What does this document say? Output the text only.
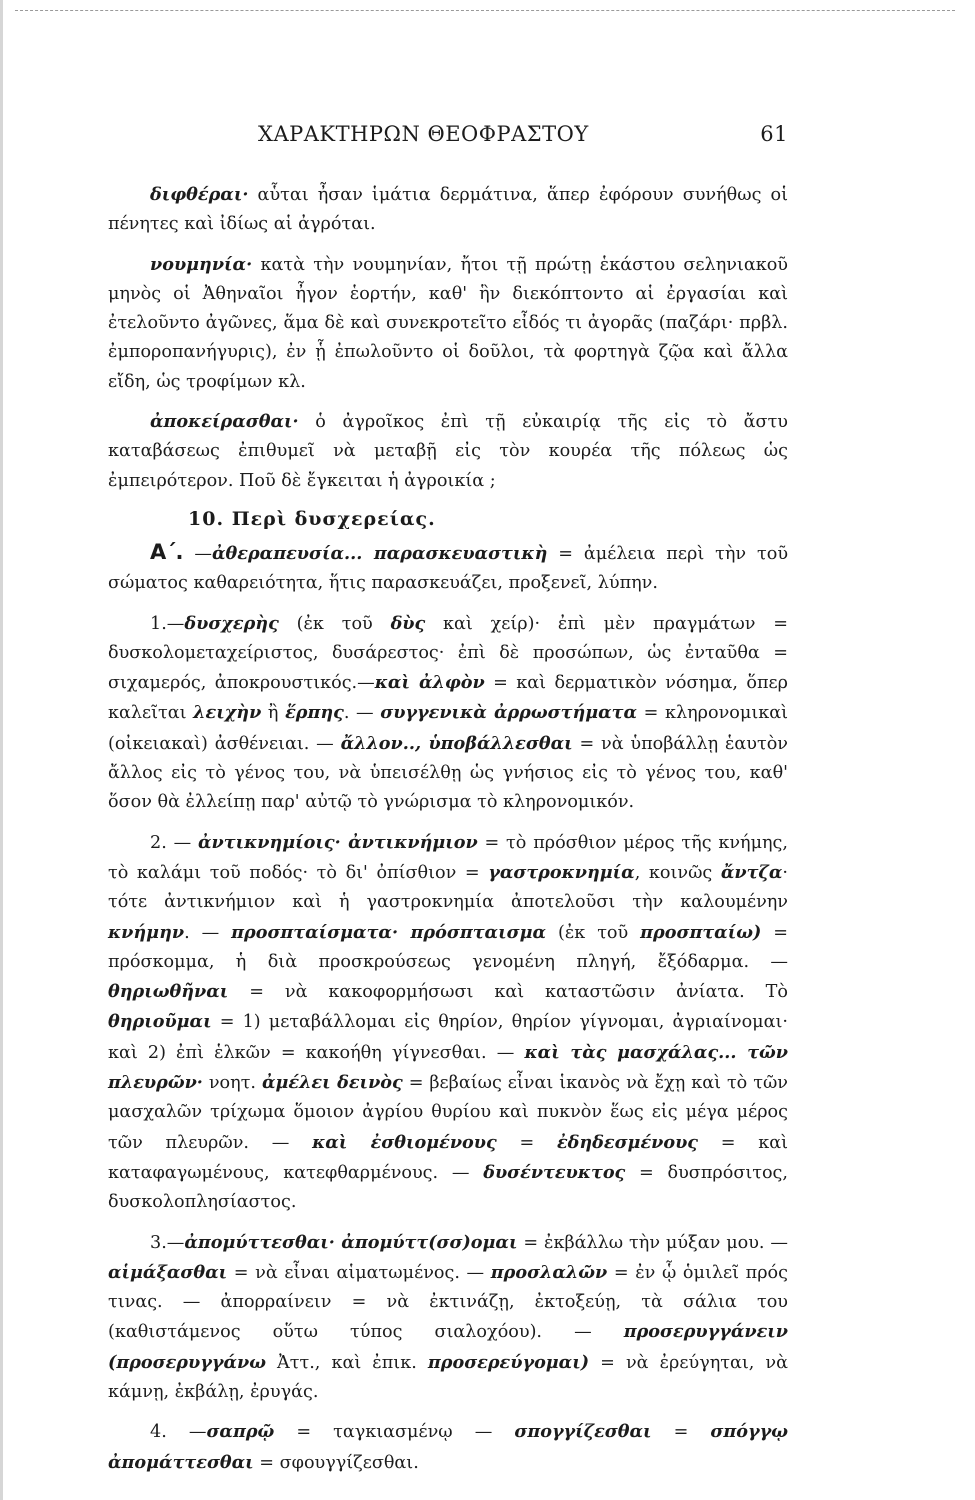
ΧΑΡΑΚΤΗΡΩΝ ΘΕΟΦΡΑΣΤΟΥ	61

διφθέραι· αὗται ἦσαν ἱμάτια δερμάτινα, ἅπερ ἐφόρουν συνήθως οἱ πένητες καὶ ἰδίως αἱ ἀγρόται.

νουμηνία· κατὰ τὴν νουμηνίαν, ἤτοι τῇ πρώτῃ ἑκάστου σεληνιακοῦ μηνὸς οἱ Ἀθηναῖοι ἦγον ἑορτήν, καθ' ἣν διεκόπτοντο αἱ ἐργασίαι καὶ ἐτελοῦντο ἀγῶνες, ἅμα δὲ καὶ συνεκροτεῖτο εἶδός τι ἀγορᾶς (παζάρι· πρβλ. ἐμποροπανήγυρις), ἐν ᾗ ἐπωλοῦντο οἱ δοῦλοι, τὰ φορτηγὰ ζῷα καὶ ἄλλα εἴδη, ὡς τροφίμων κλ.

ἀποκείρασθαι· ὁ ἀγροῖκος ἐπὶ τῇ εὐκαιρίᾳ τῆς εἰς τὸ ἄστυ καταβάσεως ἐπιθυμεῖ νὰ μεταβῇ εἰς τὸν κουρέα τῆς πόλεως ὡς ἐμπειρότερον. Ποῦ δὲ ἔγκειται ἡ ἀγροικία ;

10. Περὶ δυσχερείας.

Α΄. —ἀθεραπευσία... παρασκευαστικὴ = ἀμέλεια περὶ τὴν τοῦ σώματος καθαρειότητα, ἥτις παρασκευάζει, προξενεῖ, λύπην.

1.—δυσχερὴς (ἐκ τοῦ δὺς καὶ χείρ)· ἐπὶ μὲν πραγμάτων = δυσκολομεταχείριστος, δυσάρεστος· ἐπὶ δὲ προσώπων, ὡς ἐνταῦθα = σιχαμερός, ἀποκρουστικός.—καὶ ἀλφὸν = καὶ δερματικὸν νόσημα, ὅπερ καλεῖται λειχὴν ἢ ἕρπης. — συγγενικὰ ἀρρωστήματα = κληρονομικαὶ (οἰκειακαὶ) ἀσθένειαι. — ἄλλον.., ὑποβάλλεσθαι = νὰ ὑποβάλλῃ ἑαυτὸν ἄλλος εἰς τὸ γένος του, νὰ ὑπεισέλθῃ ὡς γνήσιος εἰς τὸ γένος του, καθ' ὅσον θὰ ἐλλείπῃ παρ' αὐτῷ τὸ γνώρισμα τὸ κληρονομικόν.

2. — ἀντικνημίοις· ἀντικνήμιον = τὸ πρόσθιον μέρος τῆς κνήμης, τὸ καλάμι τοῦ ποδός· τὸ δι' ὀπίσθιον = γαστροκνημία, κοινῶς ἄντζα· τότε ἀντικνήμιον καὶ ἡ γαστροκνημία ἀποτελοῦσι τὴν καλουμένην κνήμην. — προσπταίσματα· πρόσπταισμα (ἐκ τοῦ προσπταίω) = πρόσκομμα, ἡ διὰ προσκρούσεως γενομένη πληγή, ἔξόδαρμα. — θηριωθῆναι = νὰ κακοφορμήσωσι καὶ καταστῶσιν ἀνίατα. Τὸ θηριοῦμαι = 1) μεταβάλλομαι εἰς θηρίον, θηρίον γίγνομαι, ἀγριαίνομαι· καὶ 2) ἐπὶ ἑλκῶν = κακοήθη γίγνεσθαι. — καὶ τὰς μασχάλας... τῶν πλευρῶν· νοητ. ἀμέλει δεινὸς = βεβαίως εἶναι ἱκανὸς νὰ ἔχῃ καὶ τὸ τῶν μασχαλῶν τρίχωμα ὅμοιον ἀγρίου θυρίου καὶ πυκνὸν ἕως εἰς μέγα μέρος τῶν πλευρῶν. — καὶ ἐσθιομένους = ἐδηδεσμένους = καὶ καταφαγωμένους, κατεφθαρμένους. — δυσέντευκτος = δυσπρόσιτος, δυσκολοπλησίαστος.

3.—ἀπομύττεσθαι· ἀπομύττ(σσ)ομαι = ἐκβάλλω τὴν μύξαν μου. — αἱμάξασθαι = νὰ εἶναι αἱματωμένος. — προσλαλῶν = ἐν ᾧ ὁμιλεῖ πρός τινας. — ἀπορραίνειν = νὰ ἐκτινάζῃ, ἐκτοξεύῃ, τὰ σάλια του (καθιστάμενος οὕτω τύπος σιαλοχόου). — προσερυγγάνειν (προσερυγγάνω Ἀττ., καὶ ἐπικ. προσερεύγομαι) = νὰ ἐρεύγηται, νὰ κάμνῃ, ἐκβάλῃ, ἐρυγάς.

4. —σαπρῷ = ταγκιασμένῳ — σπογγίζεσθαι = σπόγγῳ ἀπομάττεσθαι = σφουγγίζεσθαι.
